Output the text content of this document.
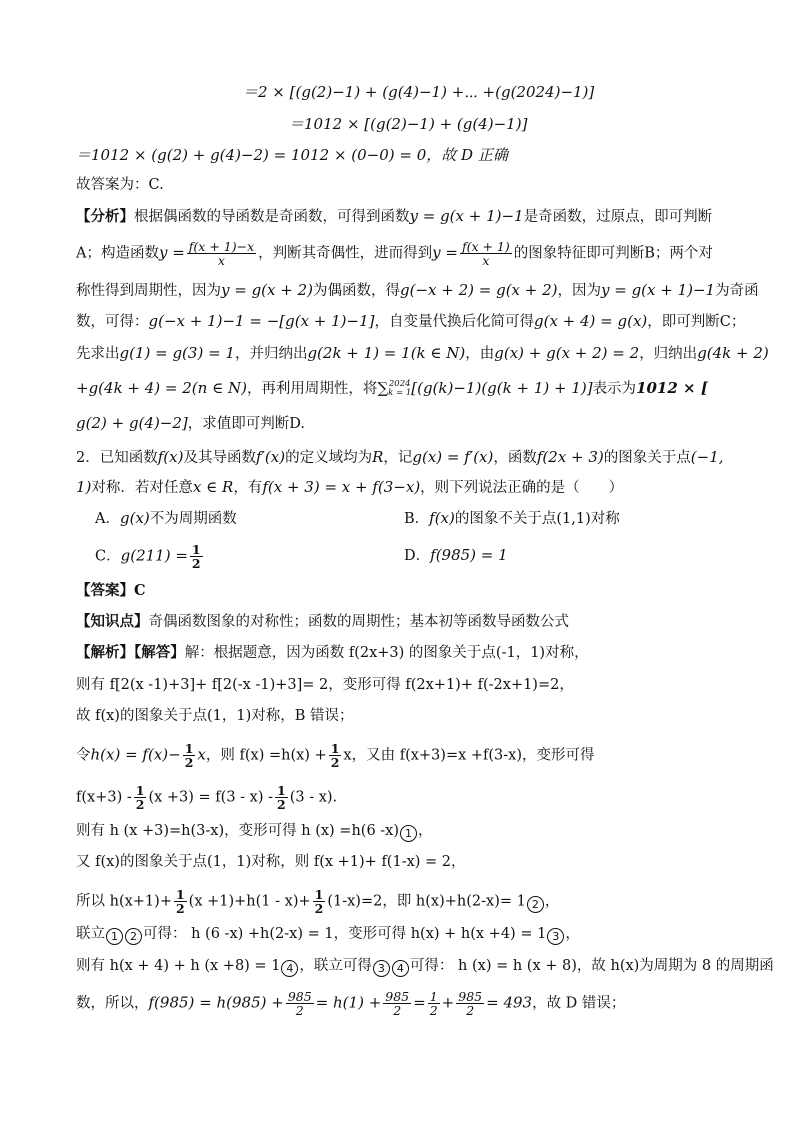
＝2 × [(g(2)−1) + (g(4)−1) +⋯ +(g(2024)−1)]
＝1012 × [(g(2)−1) + (g(4)−1)]
＝1012 × (g(2) + g(4)−2) = 1012 × (0−0) = 0，故 D 正确
故答案为：C.
【分析】根据偶函数的导函数是奇函数，可得到函数y = g(x + 1)−1是奇函数，过原点，即可判断
A；构造函数$y = \frac{f(x + 1)-x}{x}$ ，判断其奇偶性，进而得到$y = \frac{f(x + 1)}{x}$ 的图象特征即可判断B；两个对
称性得到周期性，因为y = g(x + 2)为偶函数，得g(−x + 2) = g(x + 2)，因为y = g(x + 1)−1为奇函
数，可得：g(−x + 1)−1 = −[g(x + 1)−1]，自变量代换后化简可得g(x + 4) = g(x)，即可判断C；
先求出g(1) = g(3) = 1，并归纳出g(2k + 1) = 1(k ∈ N)，由g(x) + g(x + 2) = 2，归纳出g(4k + 2)
+g(4k + 4) = 2(n ∈ N)，再利用周期性，将∑ 2024
k = 1 [(g(k)−1)(g(k + 1) + 1)]表示为1012 × [
g(2) + g(4)−2]，求值即可判断D.
2．已知函数f(x)及其导函数f′(x)的定义域均为R，记g(x) = f′(x)，函数f(2x + 3)的图象关于点(−1,
1)对称．若对任意x ∈ R，有f(x + 3) = x + f(3−x)，则下列说法正确的是（　　）
A．g(x)不为周期函数	B．f(x)的图象不关于点(1,1)对称
C．$g(211) = \frac{1}{2}$	D．f(985) = 1
【答案】C
【知识点】奇偶函数图象的对称性；函数的周期性；基本初等函数导函数公式
【解析】【解答】解：根据题意，因为函数 f(2x+3) 的图象关于点(-1，1)对称，
则有 f[2(x -1)+3]+ f[2(-x -1)+3]= 2，变形可得 f(2x+1)+ f(-2x+1)=2，
故 f(x)的图象关于点(1，1)对称，B 错误；
令$h(x) = f(x)- \frac{1}{2}$ x，则 $f(x) =h(x) + \frac{1}{2}$ x，又由 f(x+3)=x +f(3-x)，变形可得
$f(x+3) - \frac{1}{2} (x +3) = f(3 - x) - \frac{1}{2} (3 - x)$.
则有 h (x +3)=h(3-x)，变形可得 h (x) =h(6 -x) 1 ，
又 f(x)的图象关于点(1，1)对称，则 f(x +1)+ f(1-x) = 2，
所以 $h(x+1)+ \frac{1}{2} (x +1)+h(1 - x)+ \frac{1}{2} (1-x)=2$，即 h(x)+h(2-x)= 1 2 ，
联立 1 2 可得： h (6 -x) +h(2-x) = 1，变形可得 h(x) + h(x +4) = 1 3 ，
则有 h(x + 4) + h (x +8) = 1 4 ，联立可得 3 4 可得： h (x) = h (x + 8)，故 h(x)为周期为 8 的周期函
数，所以，$f(985) = h(985) + \frac{985}{2} = h(1) + \frac{985}{2} = \frac{1}{2} + \frac{985}{2} = 493$，故 D 错误；
